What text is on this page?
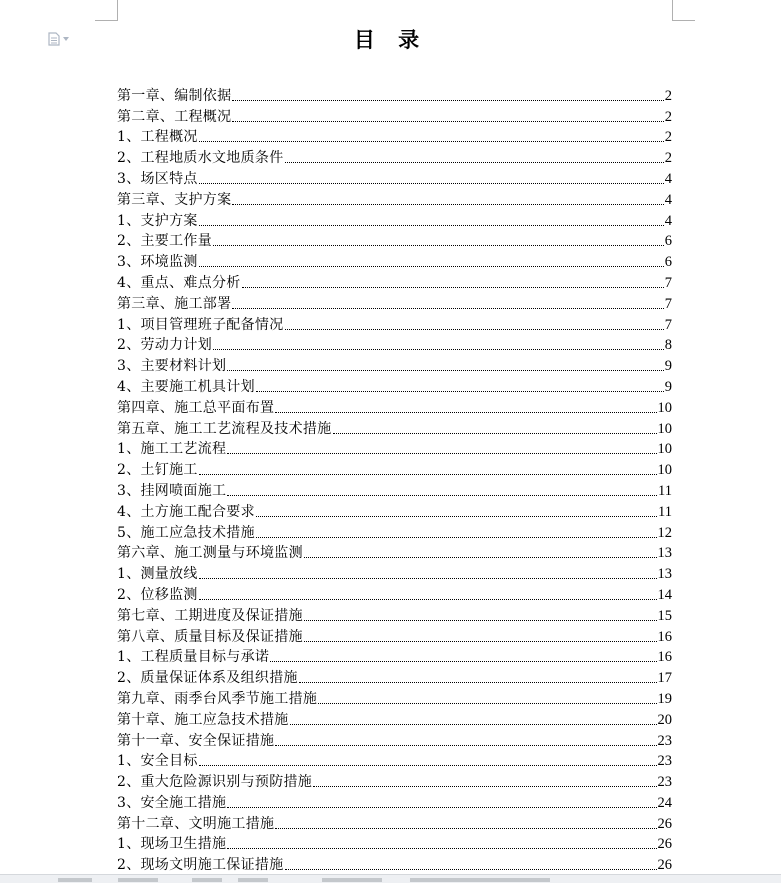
目 录
第一章、编制依据	2
第二章、工程概况	2
1、工程概况	2
2、工程地质水文地质条件	2
3、场区特点	4
第三章、支护方案	4
1、支护方案	4
2、主要工作量	6
3、环境监测	6
4、重点、难点分析	7
第三章、施工部署	7
1、项目管理班子配备情况	7
2、劳动力计划	8
3、主要材料计划	9
4、主要施工机具计划	9
第四章、施工总平面布置	10
第五章、施工工艺流程及技术措施	10
1、施工工艺流程	10
2、土钉施工	10
3、挂网喷面施工	11
4、土方施工配合要求	11
5、施工应急技术措施	12
第六章、施工测量与环境监测	13
1、测量放线	13
2、位移监测	14
第七章、工期进度及保证措施	15
第八章、质量目标及保证措施	16
1、工程质量目标与承诺	16
2、质量保证体系及组织措施	17
第九章、雨季台风季节施工措施	19
第十章、施工应急技术措施	20
第十一章、安全保证措施	23
1、安全目标	23
2、重大危险源识别与预防措施	23
3、安全施工措施	24
第十二章、文明施工措施	26
1、现场卫生措施	26
2、现场文明施工保证措施	26
